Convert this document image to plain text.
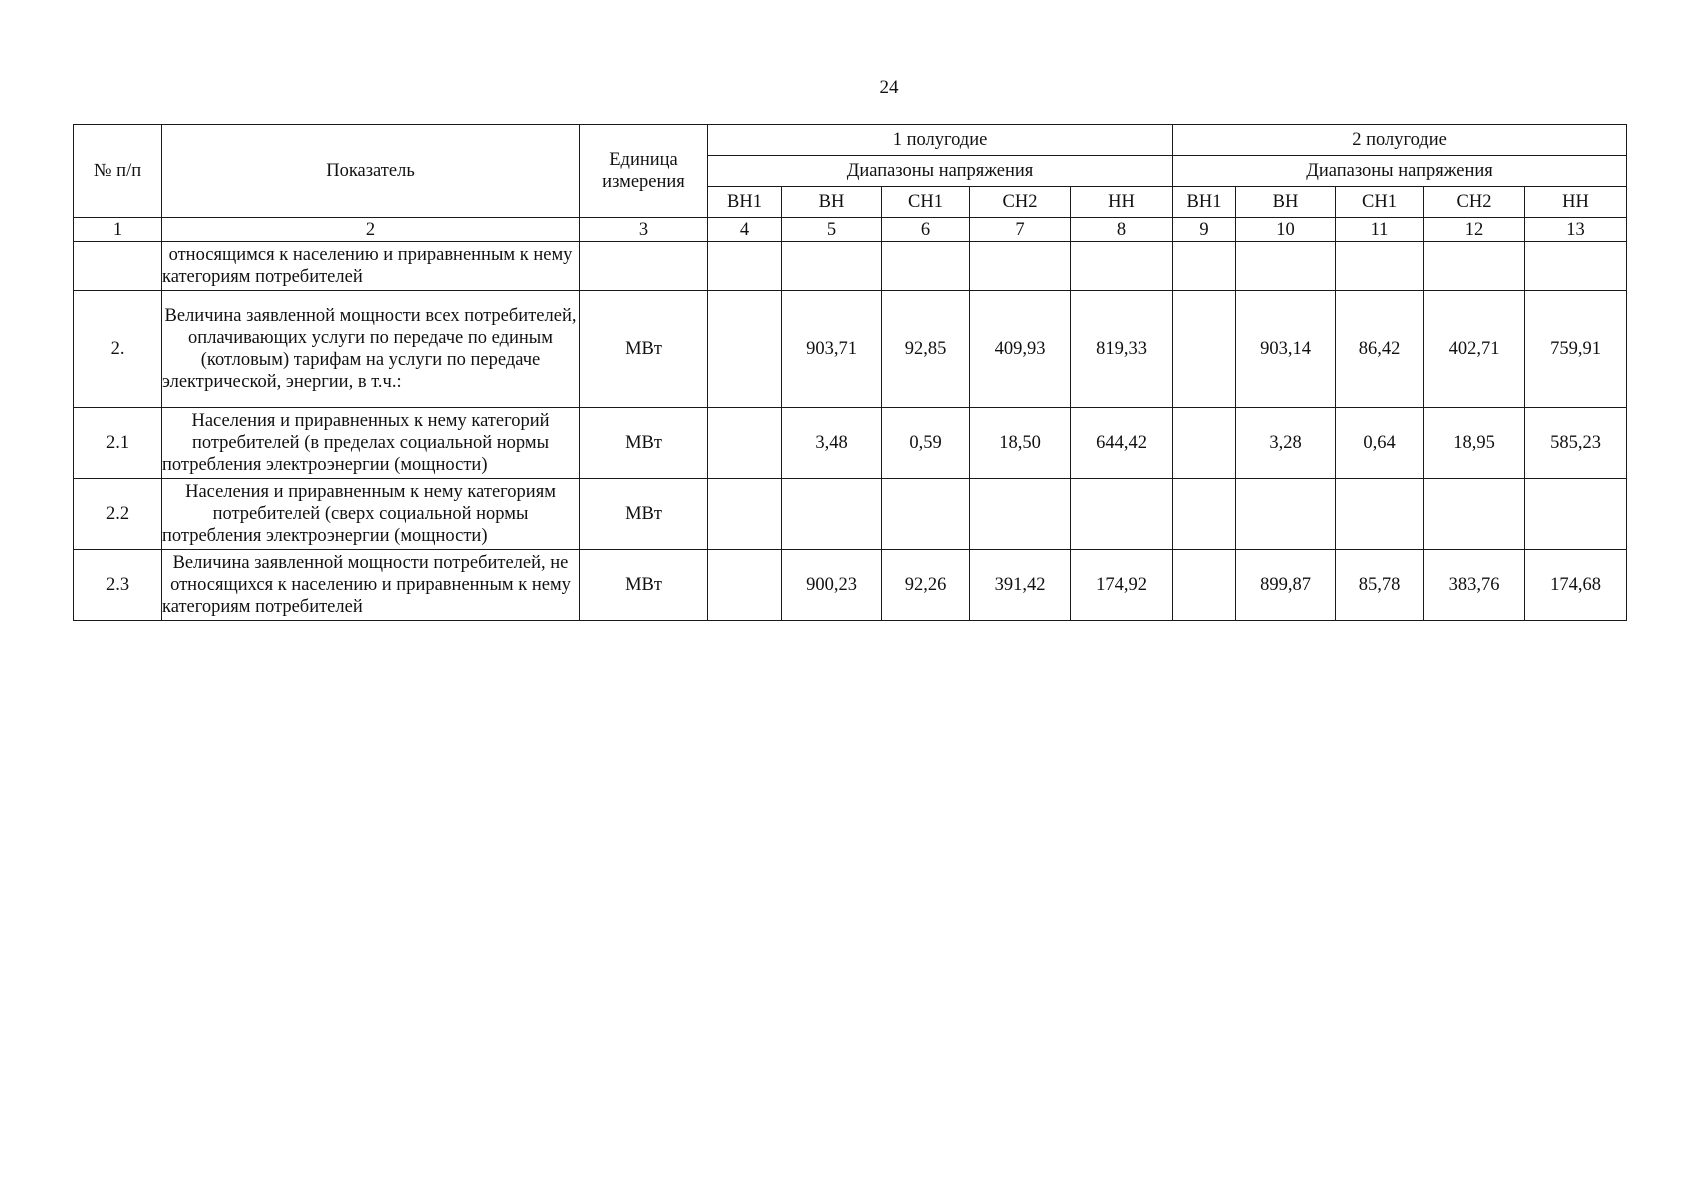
24
№ п/п	Показатель	Единица измерения	1 полугодие					2 полугодие				
			Диапазоны напряжения					Диапазоны напряжения				
			ВН1	ВН	СН1	СН2	НН	ВН1	ВН	СН1	СН2	НН
1	2	3	4	5	6	7	8	9	10	11	12	13
	относящимся к населению и приравненным к нему категориям потребителей											
2.	Величина заявленной мощности всех потребителей, оплачивающих услуги по передаче по единым (котловым) тарифам на услуги по передаче электрической, энергии, в т.ч.:	МВт		903,71	92,85	409,93	819,33		903,14	86,42	402,71	759,91
2.1	Населения и приравненных к нему категорий потребителей (в пределах социальной нормы потребления электроэнергии (мощности)	МВт		3,48	0,59	18,50	644,42		3,28	0,64	18,95	585,23
2.2	Населения и приравненным к нему категориям потребителей (сверх социальной нормы потребления электроэнергии (мощности)	МВт										
2.3	Величина заявленной мощности потребителей, не относящихся к населению и приравненным к нему категориям потребителей	МВт		900,23	92,26	391,42	174,92		899,87	85,78	383,76	174,68
